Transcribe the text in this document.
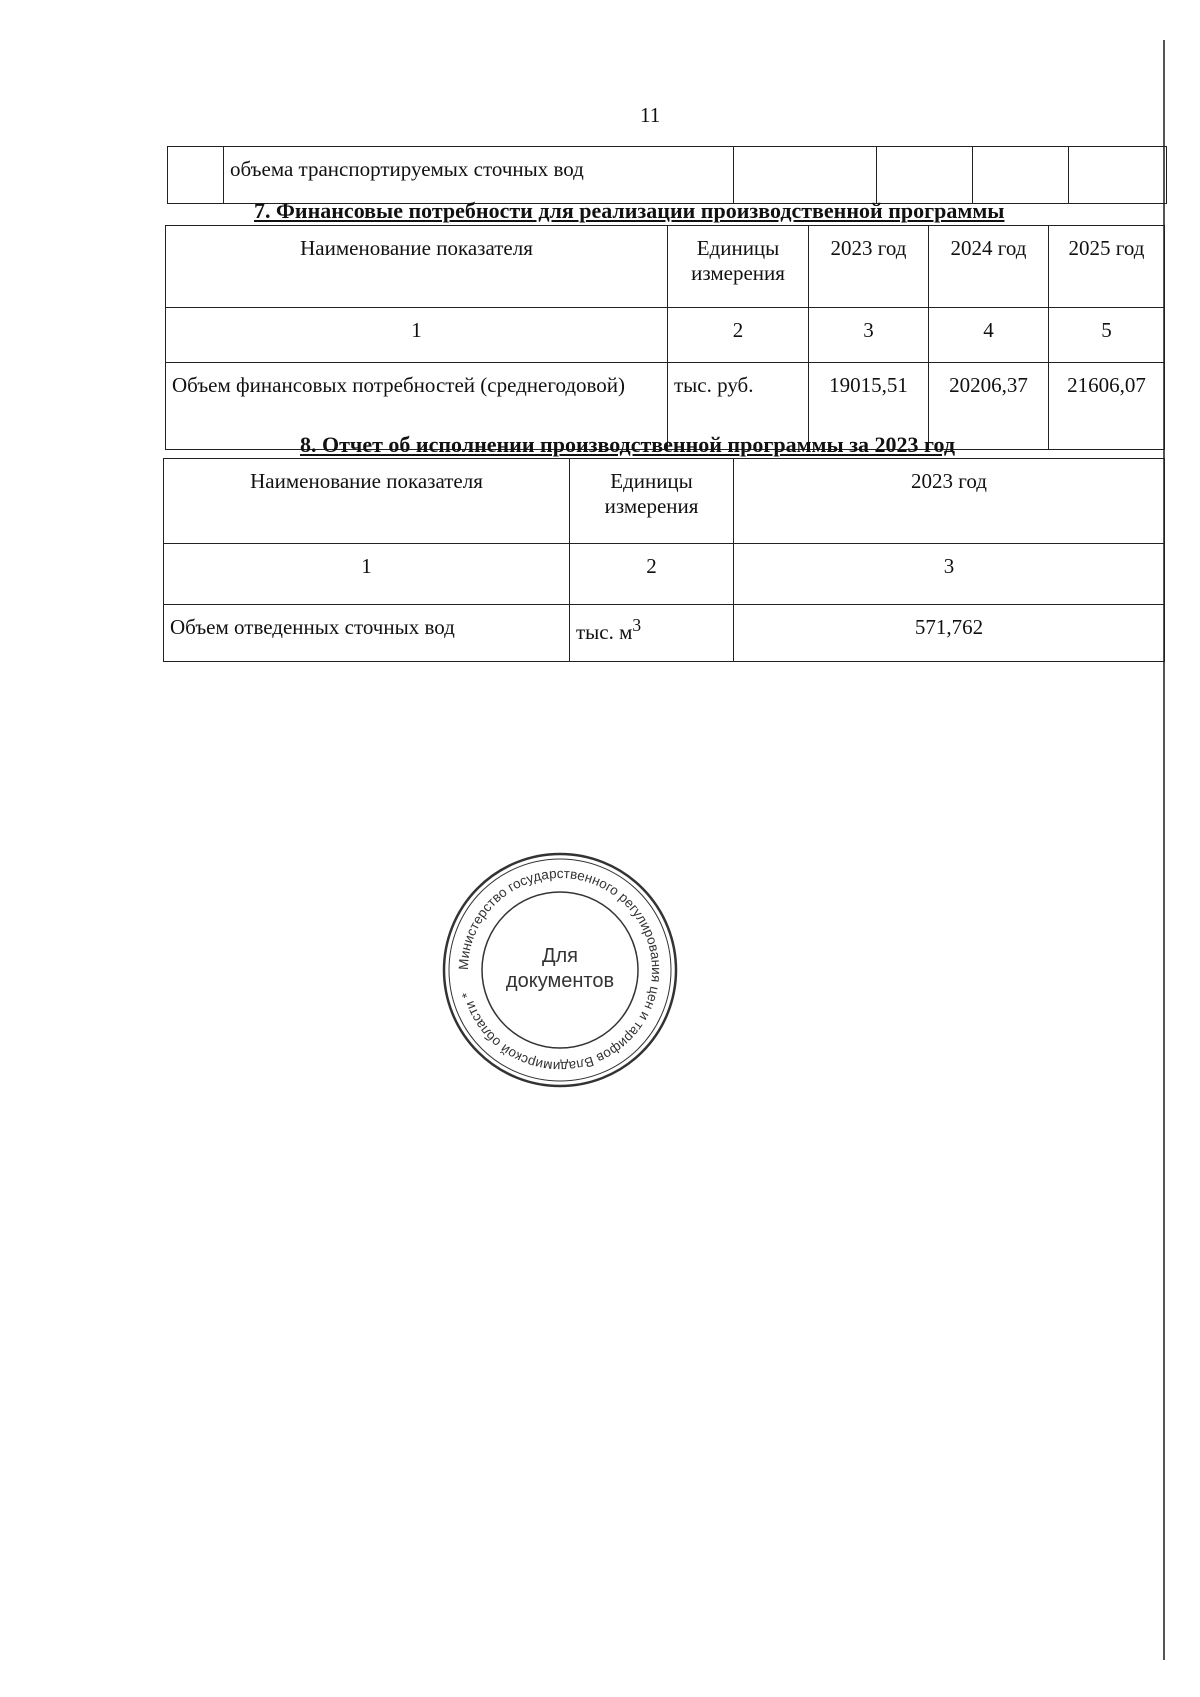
11
	объема транспортируемых сточных вод				
7. Финансовые потребности для реализации производственной программы
Наименование показателя	Единицы измерения	2023 год	2024 год	2025 год
1	2	3	4	5
Объем финансовых потребностей (среднегодовой)	тыс. руб.	19015,51	20206,37	21606,07
8. Отчет об исполнении производственной программы за 2023 год
Наименование показателя	Единицы измерения	2023 год
1	2	3
Объем отведенных сточных вод	тыс. $м^3$	571,762
Министерство государственного регулирования цен и тарифов Владимирской области *
Для
документов
